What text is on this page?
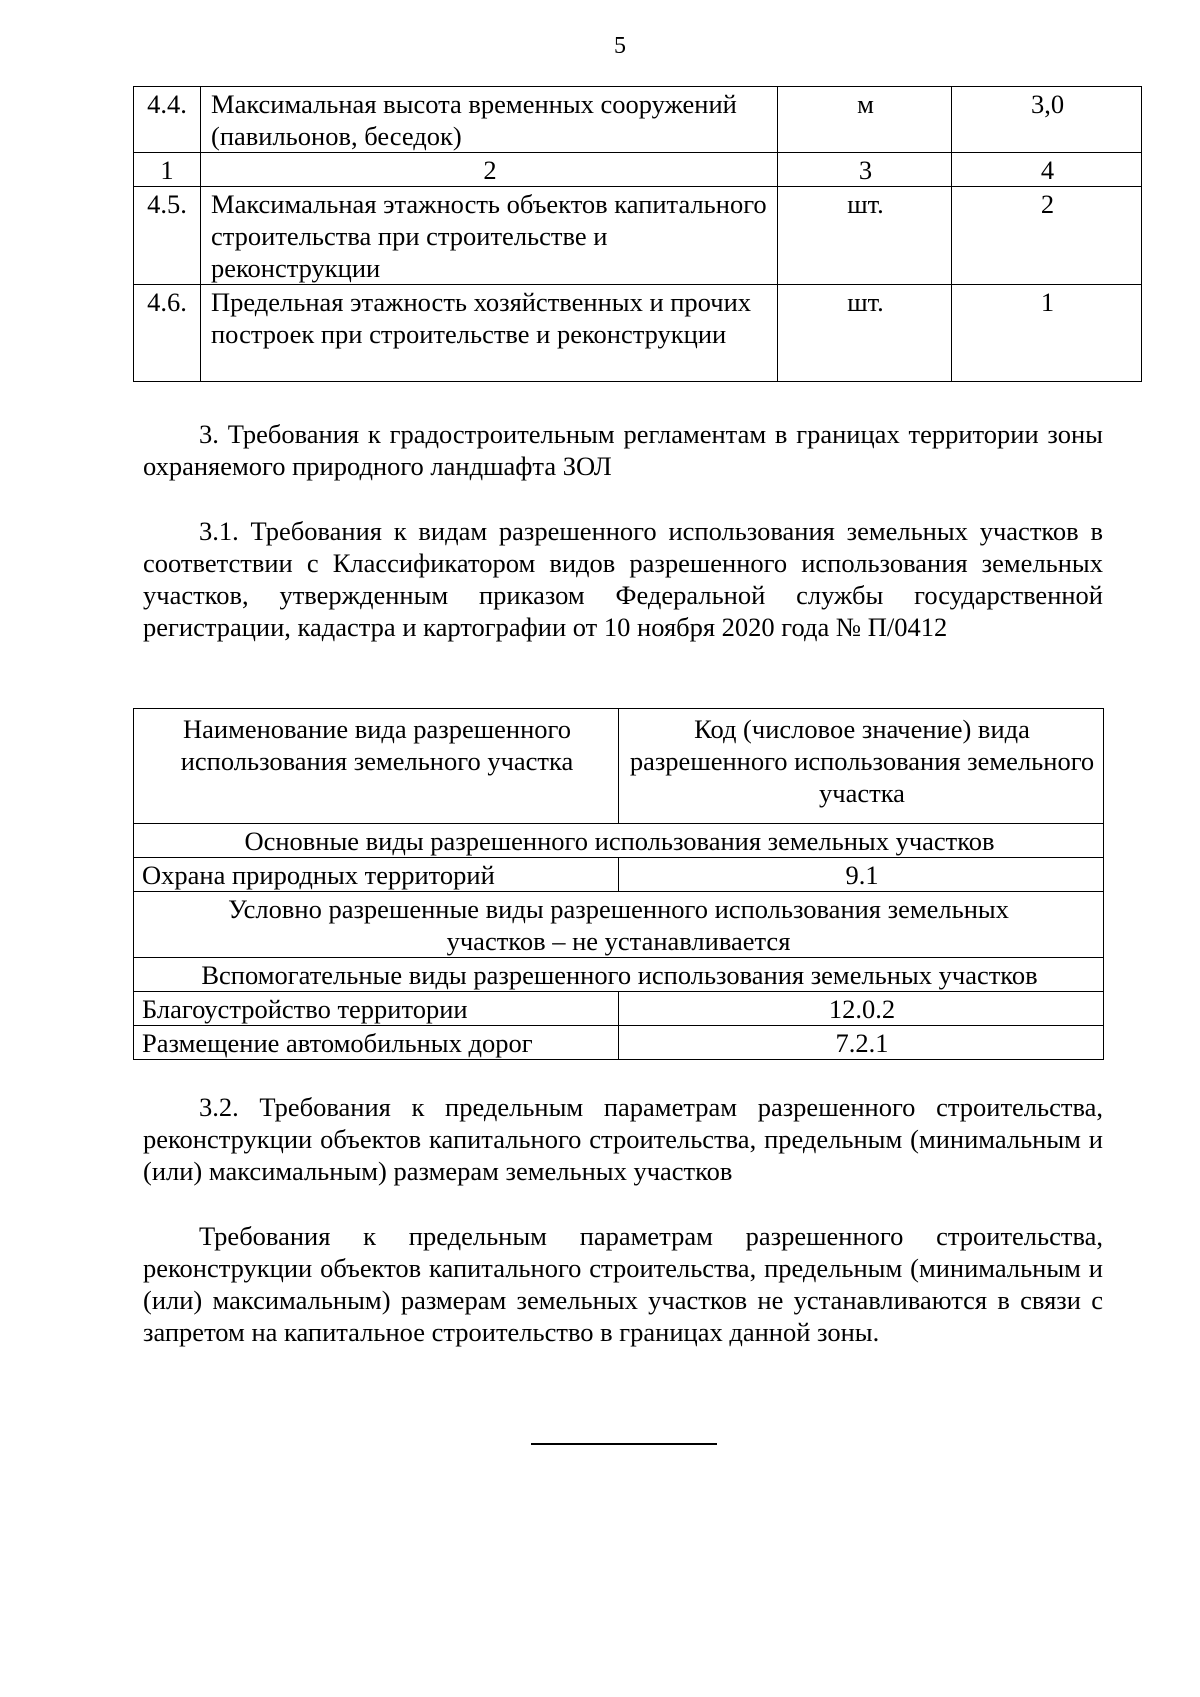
5
4.4.	Максимальная высота временных сооружений (павильонов, беседок)	м	3,0
1	2	3	4
4.5.	Максимальная этажность объектов капитального строительства при строительстве и реконструкции	шт.	2
4.6.	Предельная этажность хозяйственных и прочих построек при строительстве и реконструкции	шт.	1
3. Требования к градостроительным регламентам в границах территории зоны охраняемого природного ландшафта ЗОЛ
3.1. Требования к видам разрешенного использования земельных участков в соответствии с Классификатором видов разрешенного использования земельных участков, утвержденным приказом Федеральной службы государственной регистрации, кадастра и картографии от 10 ноября 2020 года № П/0412
Наименование вида разрешенного использования земельного участка	Код (числовое значение) вида разрешенного использования земельного участка
Основные виды разрешенного использования земельных участков	
Охрана природных территорий	9.1
Условно разрешенные виды разрешенного использования земельных участков – не устанавливается	
Вспомогательные виды разрешенного использования земельных участков	
Благоустройство территории	12.0.2
Размещение автомобильных дорог	7.2.1
3.2. Требования к предельным параметрам разрешенного строительства, реконструкции объектов капитального строительства, предельным (минимальным и (или) максимальным) размерам земельных участков
Требования к предельным параметрам разрешенного строительства, реконструкции объектов капитального строительства, предельным (минимальным и (или) максимальным) размерам земельных участков не устанавливаются в связи с запретом на капитальное строительство в границах данной зоны.
